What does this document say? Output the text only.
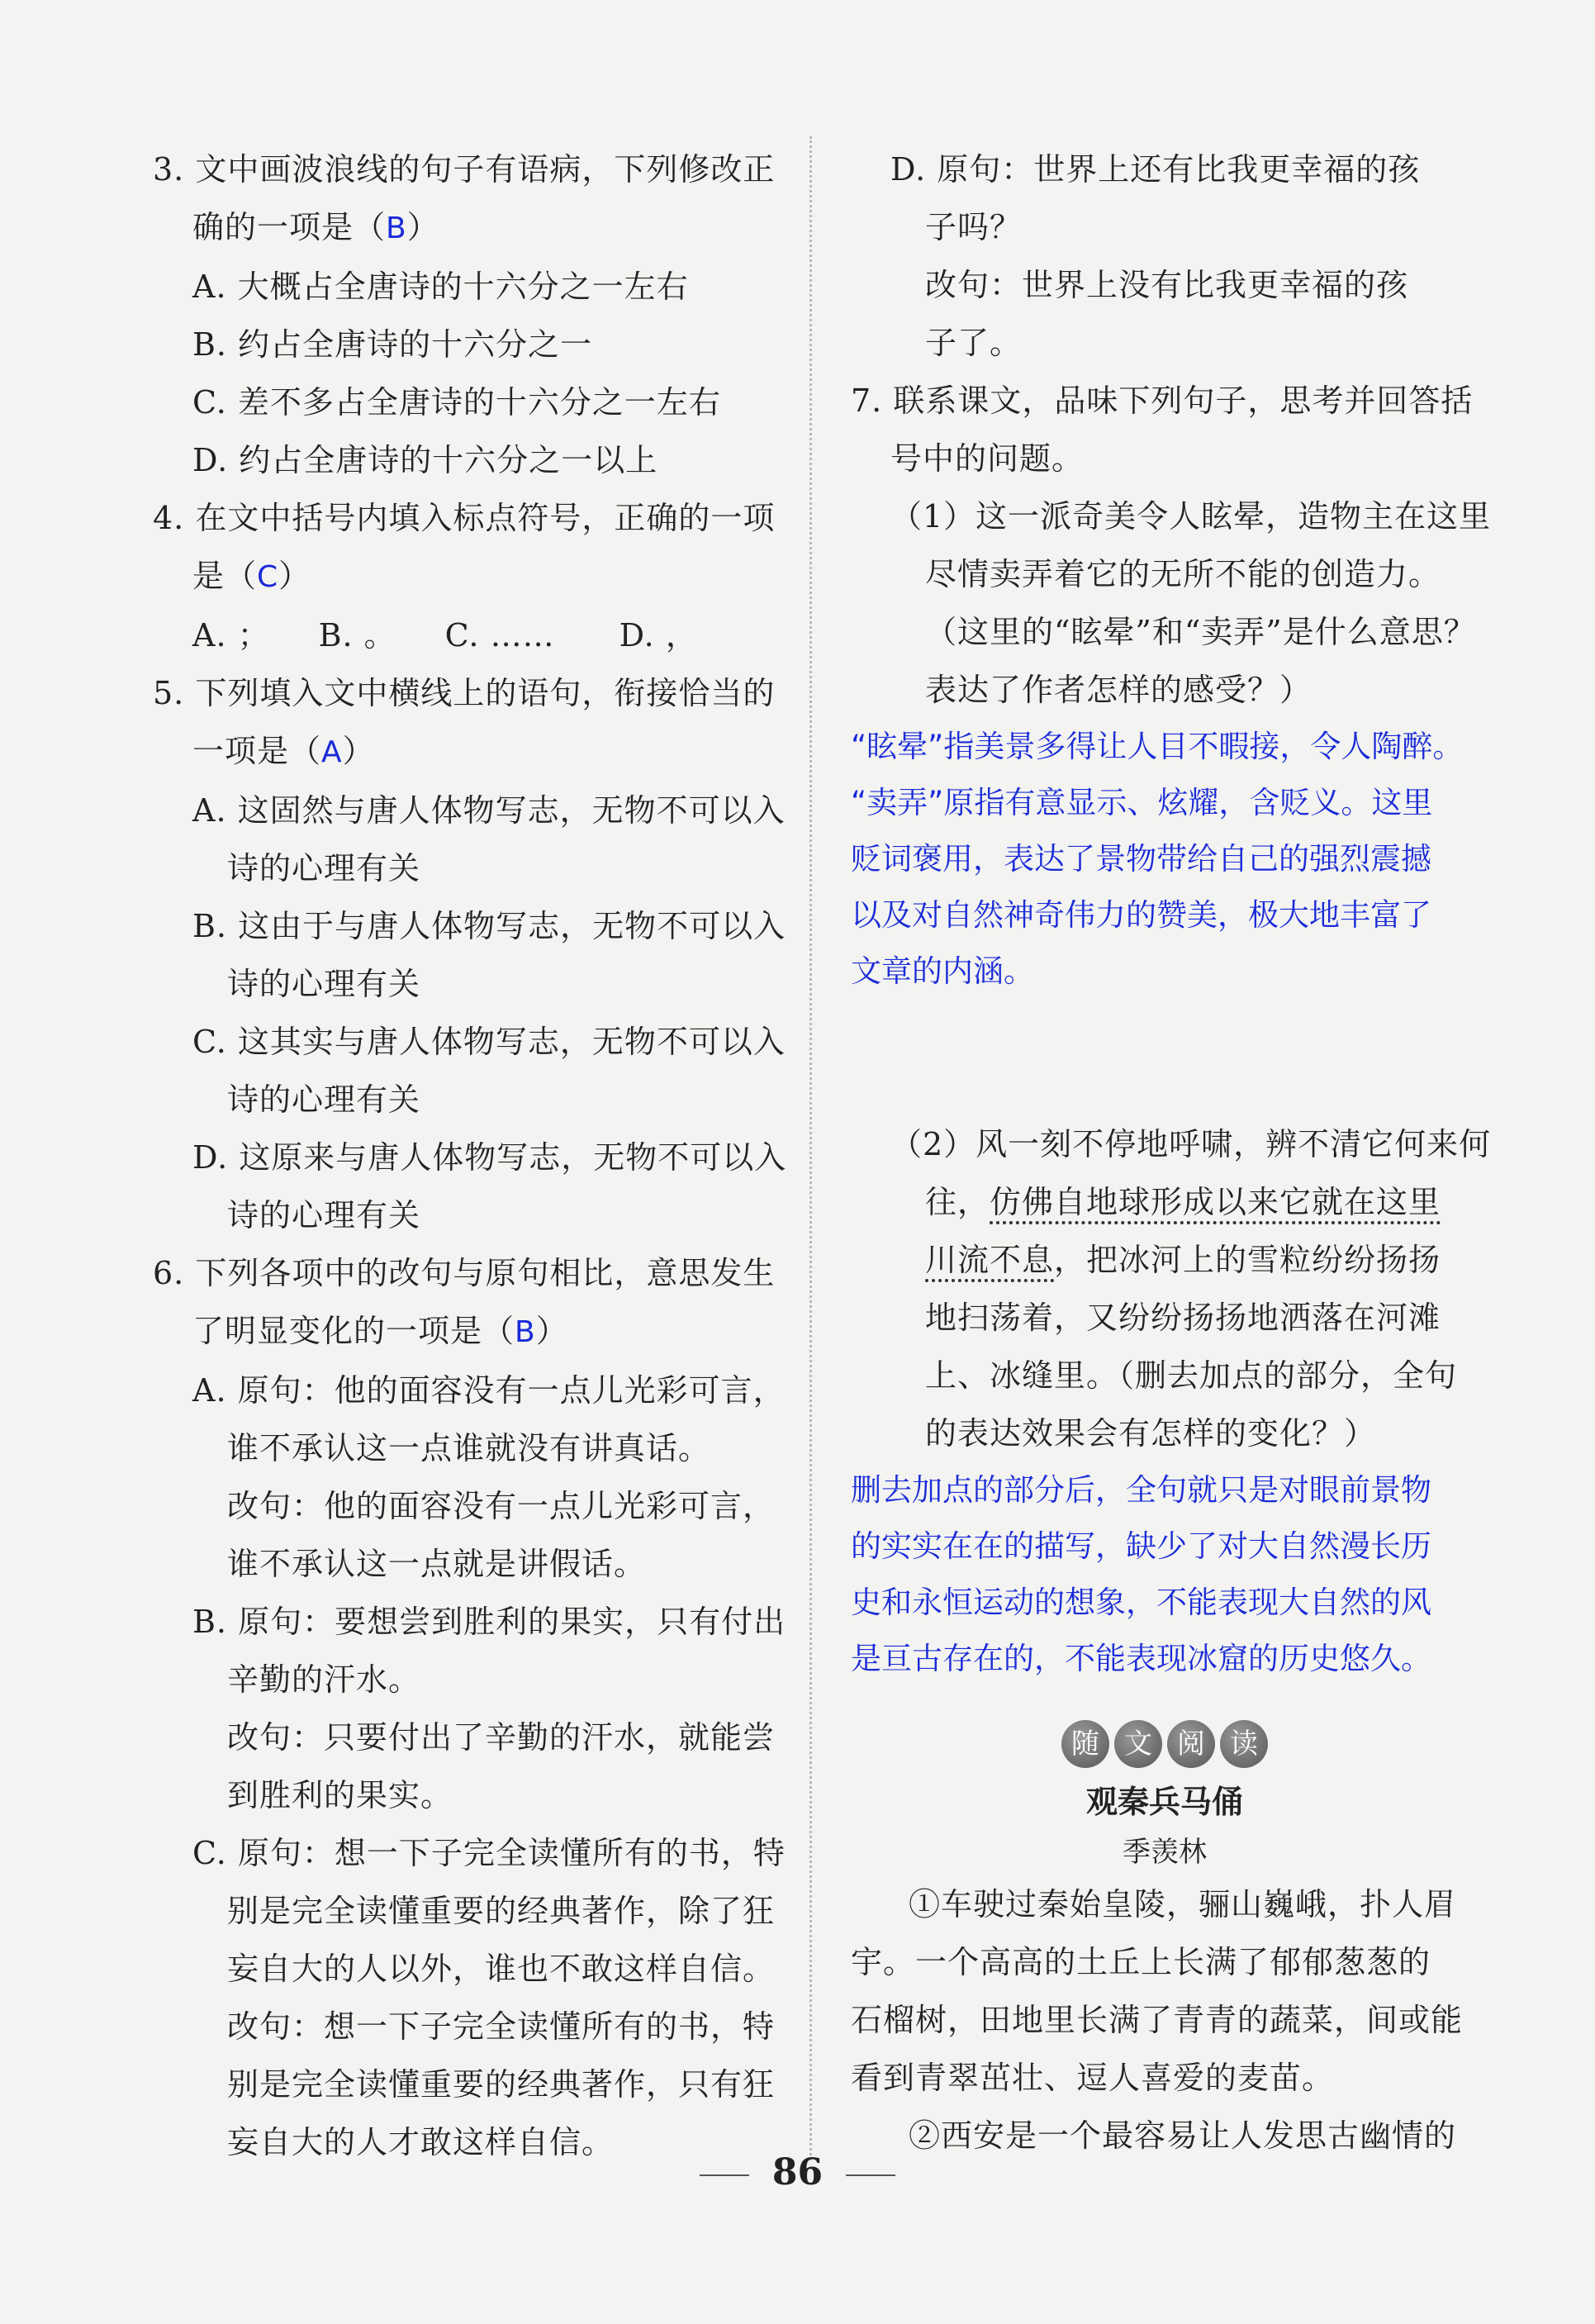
3. 文中画波浪线的句子有语病，下列修改正
确的一项是（B）
A. 大概占全唐诗的十六分之一左右
B. 约占全唐诗的十六分之一
C. 差不多占全唐诗的十六分之一左右
D. 约占全唐诗的十六分之一以上
4. 在文中括号内填入标点符号，正确的一项
是（C）
A. ；　　B. 。　　C. ……　　D. ，
5. 下列填入文中横线上的语句，衔接恰当的
一项是（A）
A. 这固然与唐人体物写志，无物不可以入
诗的心理有关
B. 这由于与唐人体物写志，无物不可以入
诗的心理有关
C. 这其实与唐人体物写志，无物不可以入
诗的心理有关
D. 这原来与唐人体物写志，无物不可以入
诗的心理有关
6. 下列各项中的改句与原句相比，意思发生
了明显变化的一项是（B）
A. 原句：他的面容没有一点儿光彩可言，
谁不承认这一点谁就没有讲真话。
改句：他的面容没有一点儿光彩可言，
谁不承认这一点就是讲假话。
B. 原句：要想尝到胜利的果实，只有付出
辛勤的汗水。
改句：只要付出了辛勤的汗水，就能尝
到胜利的果实。
C. 原句：想一下子完全读懂所有的书，特
别是完全读懂重要的经典著作，除了狂
妄自大的人以外，谁也不敢这样自信。
改句：想一下子完全读懂所有的书，特
别是完全读懂重要的经典著作，只有狂
妄自大的人才敢这样自信。
D. 原句：世界上还有比我更幸福的孩
子吗？
改句：世界上没有比我更幸福的孩
子了。
7. 联系课文，品味下列句子，思考并回答括
号中的问题。
（1）这一派奇美令人眩晕，造物主在这里
尽情卖弄着它的无所不能的创造力。
（这里的“眩晕”和“卖弄”是什么意思？
表达了作者怎样的感受？）
“眩晕”指美景多得让人目不暇接，令人陶醉。
“卖弄”原指有意显示、炫耀，含贬义。这里
贬词褒用，表达了景物带给自己的强烈震撼
以及对自然神奇伟力的赞美，极大地丰富了
文章的内涵。
（2）风一刻不停地呼啸，辨不清它何来何
往，仿佛自地球形成以来它就在这里
川流不息，把冰河上的雪粒纷纷扬扬
地扫荡着，又纷纷扬扬地洒落在河滩
上、冰缝里。（删去加点的部分，全句
的表达效果会有怎样的变化？）
删去加点的部分后，全句就只是对眼前景物
的实实在在的描写，缺少了对大自然漫长历
史和永恒运动的想象，不能表现大自然的风
是亘古存在的，不能表现冰窟的历史悠久。
随 文 阅 读
观秦兵马俑
季羡林
①车驶过秦始皇陵，骊山巍峨，扑人眉
宇。一个高高的土丘上长满了郁郁葱葱的
石榴树，田地里长满了青青的蔬菜，间或能
看到青翠茁壮、逗人喜爱的麦苗。
②西安是一个最容易让人发思古幽情的
86
